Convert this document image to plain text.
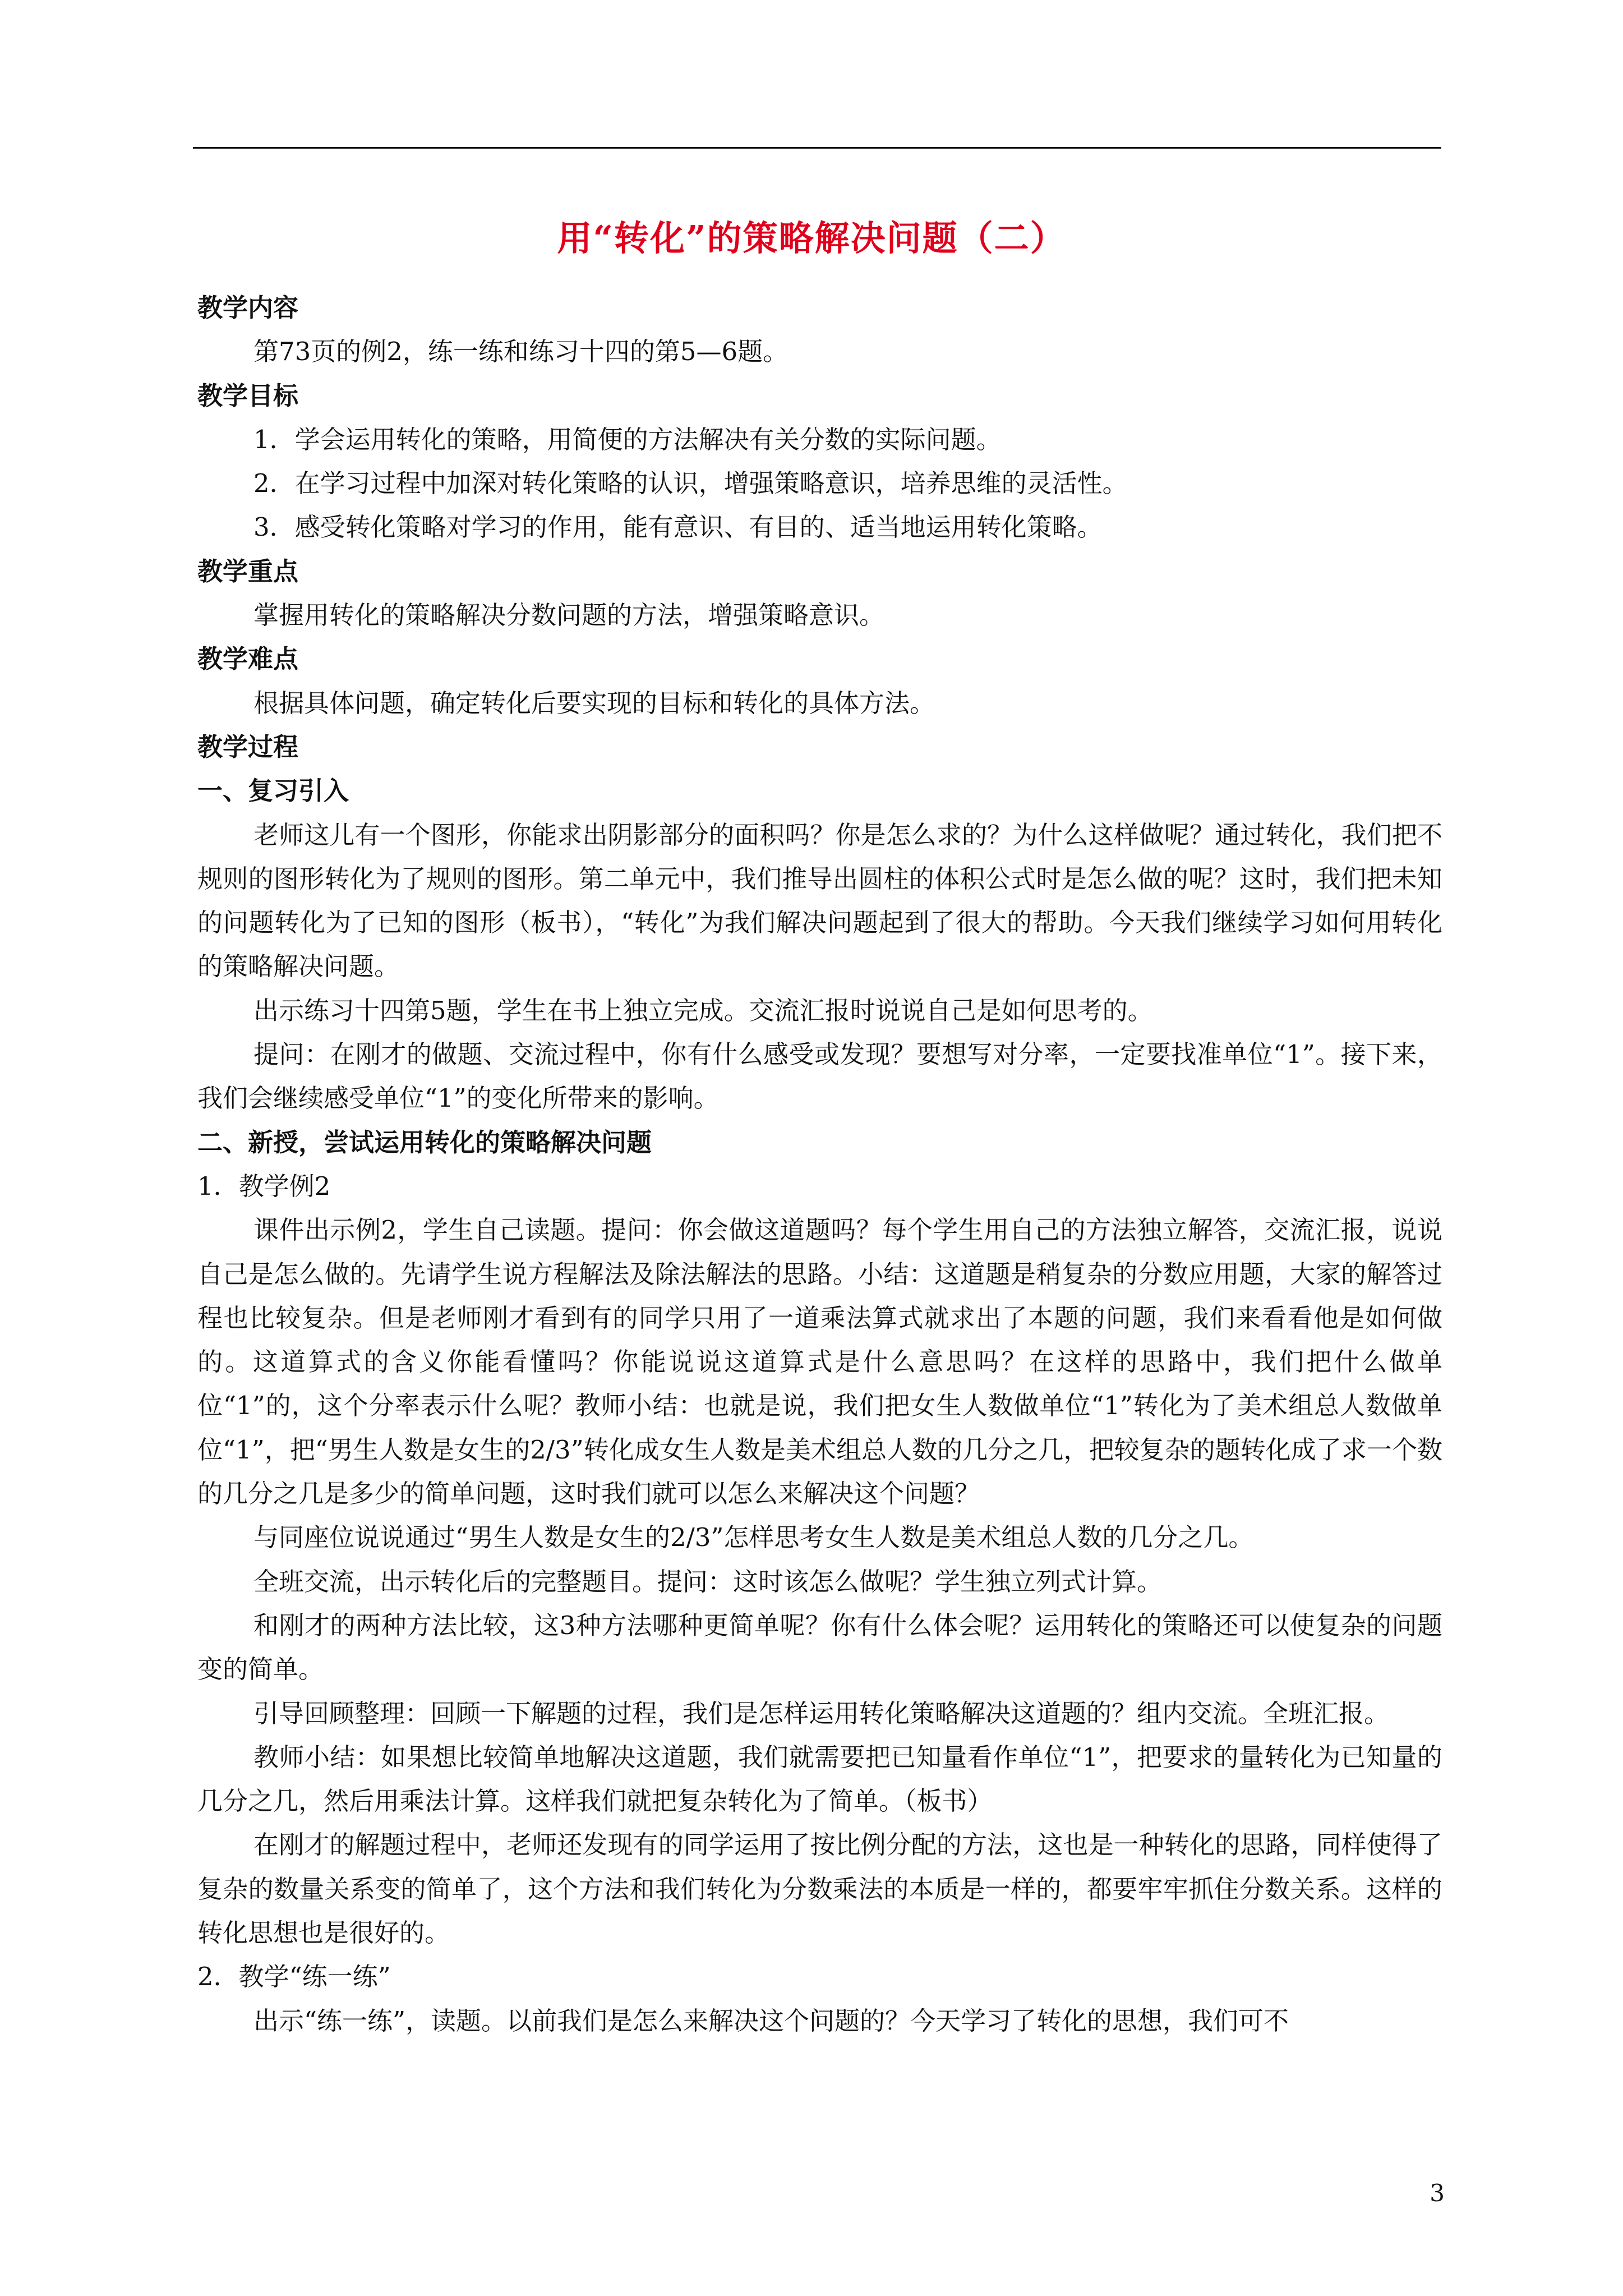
用“转化”的策略解决问题（二）

教学内容

第73页的例2，练一练和练习十四的第5—6题。

教学目标

1．学会运用转化的策略，用简便的方法解决有关分数的实际问题。

2．在学习过程中加深对转化策略的认识，增强策略意识，培养思维的灵活性。

3．感受转化策略对学习的作用，能有意识、有目的、适当地运用转化策略。

教学重点

掌握用转化的策略解决分数问题的方法，增强策略意识。

教学难点

根据具体问题，确定转化后要实现的目标和转化的具体方法。

教学过程

一、复习引入

老师这儿有一个图形，你能求出阴影部分的面积吗？你是怎么求的？为什么这样做呢？通过转化，我们把不规则的图形转化为了规则的图形。第二单元中，我们推导出圆柱的体积公式时是怎么做的呢？这时，我们把未知的问题转化为了已知的图形（板书），“转化”为我们解决问题起到了很大的帮助。今天我们继续学习如何用转化的策略解决问题。

出示练习十四第5题，学生在书上独立完成。交流汇报时说说自己是如何思考的。

提问：在刚才的做题、交流过程中，你有什么感受或发现？要想写对分率，一定要找准单位“1”。接下来，我们会继续感受单位“1”的变化所带来的影响。

二、新授，尝试运用转化的策略解决问题

1．教学例2

课件出示例2，学生自己读题。提问：你会做这道题吗？每个学生用自己的方法独立解答，交流汇报，说说自己是怎么做的。先请学生说方程解法及除法解法的思路。小结：这道题是稍复杂的分数应用题，大家的解答过程也比较复杂。但是老师刚才看到有的同学只用了一道乘法算式就求出了本题的问题，我们来看看他是如何做的。这道算式的含义你能看懂吗？你能说说这道算式是什么意思吗？在这样的思路中，我们把什么做单位“1”的，这个分率表示什么呢？教师小结：也就是说，我们把女生人数做单位“1”转化为了美术组总人数做单位“1”，把“男生人数是女生的2/3”转化成女生人数是美术组总人数的几分之几，把较复杂的题转化成了求一个数的几分之几是多少的简单问题，这时我们就可以怎么来解决这个问题？

与同座位说说通过“男生人数是女生的2/3”怎样思考女生人数是美术组总人数的几分之几。

全班交流，出示转化后的完整题目。提问：这时该怎么做呢？学生独立列式计算。

和刚才的两种方法比较，这3种方法哪种更简单呢？你有什么体会呢？运用转化的策略还可以使复杂的问题变的简单。

引导回顾整理：回顾一下解题的过程，我们是怎样运用转化策略解决这道题的？组内交流。全班汇报。

教师小结：如果想比较简单地解决这道题，我们就需要把已知量看作单位“1”，把要求的量转化为已知量的几分之几，然后用乘法计算。这样我们就把复杂转化为了简单。（板书）

在刚才的解题过程中，老师还发现有的同学运用了按比例分配的方法，这也是一种转化的思路，同样使得了复杂的数量关系变的简单了，这个方法和我们转化为分数乘法的本质是一样的，都要牢牢抓住分数关系。这样的转化思想也是很好的。

2．教学“练一练”

出示“练一练”，读题。以前我们是怎么来解决这个问题的？今天学习了转化的思想，我们可不

3
